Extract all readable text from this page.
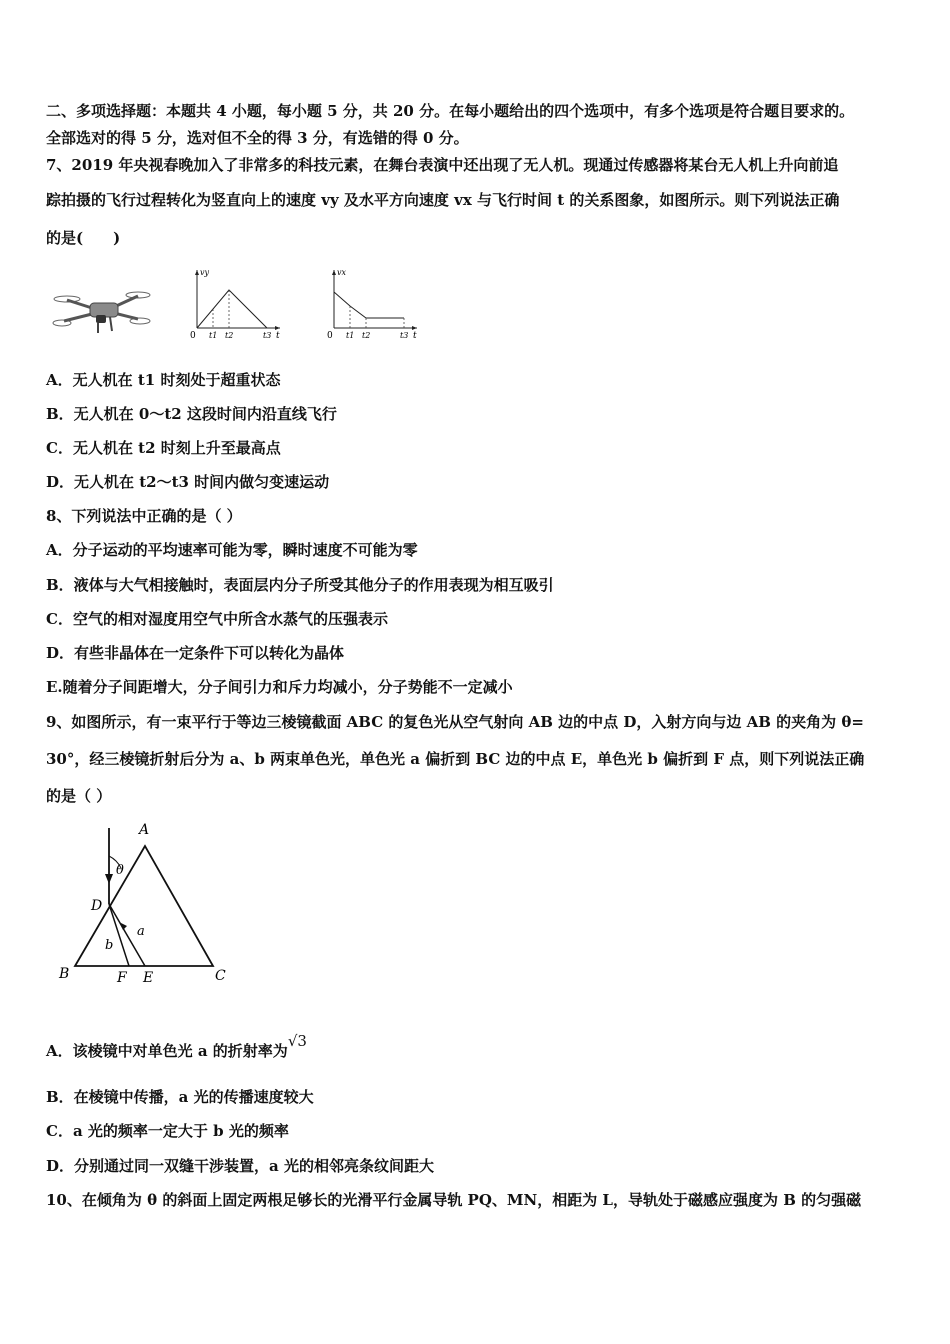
二、多项选择题：本题共 4 小题，每小题 5 分，共 20 分。在每小题给出的四个选项中，有多个选项是符合题目要求的。
全部选对的得 5 分，选对但不全的得 3 分，有选错的得 0 分。
7、2019 年央视春晚加入了非常多的科技元素，在舞台表演中还出现了无人机。现通过传感器将某台无人机上升向前追
踪拍摄的飞行过程转化为竖直向上的速度 vy 及水平方向速度 vx 与飞行时间 t 的关系图象，如图所示。则下列说法正确
的是(　　)
vy
0 t1 t2	t3 t
vx
0 t1 t2	t3 t
A．无人机在 t1 时刻处于超重状态
B．无人机在 0～t2 这段时间内沿直线飞行
C．无人机在 t2 时刻上升至最高点
D．无人机在 t2～t3 时间内做匀变速运动
8、下列说法中正确的是（ ）
A．分子运动的平均速率可能为零，瞬时速度不可能为零
B．液体与大气相接触时，表面层内分子所受其他分子的作用表现为相互吸引
C．空气的相对湿度用空气中所含水蒸气的压强表示
D．有些非晶体在一定条件下可以转化为晶体
E.随着分子间距增大，分子间引力和斥力均减小，分子势能不一定减小
9、如图所示，有一束平行于等边三棱镜截面 ABC 的复色光从空气射向 AB 边的中点 D，入射方向与边 AB 的夹角为 θ=
30°，经三棱镜折射后分为 a、b 两束单色光，单色光 a 偏折到 BC 边的中点 E，单色光 b 偏折到 F 点，则下列说法正确
的是（ ）
A
B	C
D
E
F
a
b
θ
A．该棱镜中对单色光 a 的折射率为√3
B．在棱镜中传播，a 光的传播速度较大
C．a 光的频率一定大于 b 光的频率
D．分别通过同一双缝干涉装置，a 光的相邻亮条纹间距大
10、在倾角为 θ 的斜面上固定两根足够长的光滑平行金属导轨 PQ、MN，相距为 L，导轨处于磁感应强度为 B 的匀强磁
